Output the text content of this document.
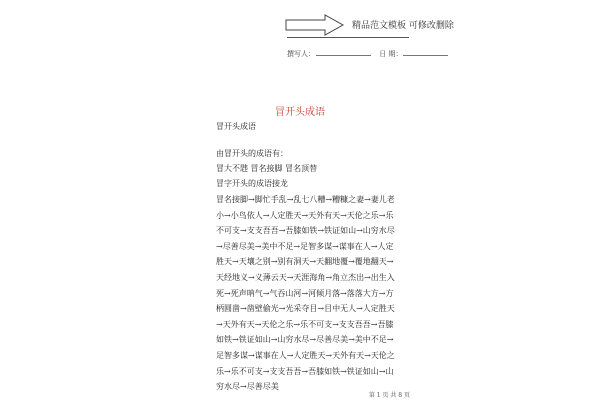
精品范文模板 可修改删除
撰写人：	日 期：
冒开头成语
冒开头成语
由冒开头的成语有：
冒大不韪 冒名接脚 冒名顶替
冒字开头的成语接龙
冒名接脚→脚忙手乱→乱七八糟→糟糠之妻→妻儿老小→小鸟依人→人定胜天→天外有天→天伦之乐→乐不可支→支支吾吾→吾膝如铁→铁证如山→山穷水尽→尽善尽美→美中不足→足智多谋→谋事在人→人定胜天→天壤之别→别有洞天→天翻地覆→覆地翻天→天经地义→义薄云天→天涯海角→角立杰出→出生入死→死声呐气→气吞山河→河倾月落→落落大方→方柄圆凿→凿壁偷光→光采夺目→目中无人→人定胜天→天外有天→天伦之乐→乐不可支→支支吾吾→吾膝如铁→铁证如山→山穷水尽→尽善尽美→美中不足→足智多谋→谋事在人→人定胜天→天外有天→天伦之乐→乐不可支→支支吾吾→吾膝如铁→铁证如山→山穷水尽→尽善尽美
第 1 页 共 8 页
